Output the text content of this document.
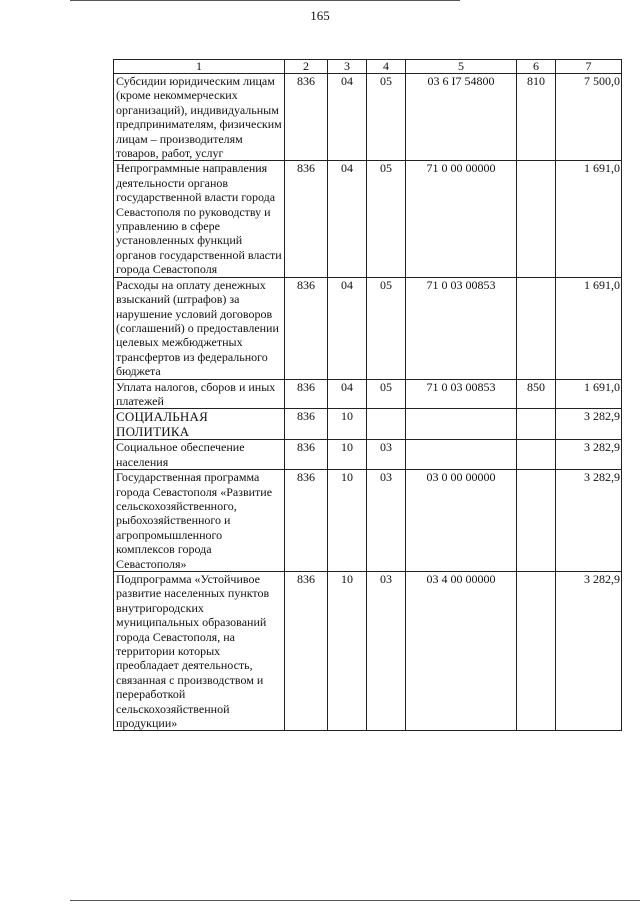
165
1	2	3	4	5	6	7
Субсидии юридическим лицам (кроме некоммерческих организаций), индивидуальным предпринимателям, физическим лицам – производителям товаров, работ, услуг	836	04	05	03 6 I7 54800	810	7 500,0
Непрограммные направления деятельности органов государственной власти города Севастополя по руководству и управлению в сфере установленных функций органов государственной власти города Севастополя	836	04	05	71 0 00 00000		1 691,0
Расходы на оплату денежных взысканий (штрафов) за нарушение условий договоров (соглашений) о предоставлении целевых межбюджетных трансфертов из федерального бюджета	836	04	05	71 0 03 00853		1 691,0
Уплата налогов, сборов и иных платежей	836	04	05	71 0 03 00853	850	1 691,0
СОЦИАЛЬНАЯ ПОЛИТИКА	836	10				3 282,9
Социальное обеспечение населения	836	10	03			3 282,9
Государственная программа города Севастополя «Развитие сельскохозяйственного, рыбохозяйственного и агропромышленного комплексов города Севастополя»	836	10	03	03 0 00 00000		3 282,9
Подпрограмма «Устойчивое развитие населенных пунктов внутригородских муниципальных образований города Севастополя, на территории которых преобладает деятельность, связанная с производством и переработкой сельскохозяйственной продукции»	836	10	03	03 4 00 00000		3 282,9
